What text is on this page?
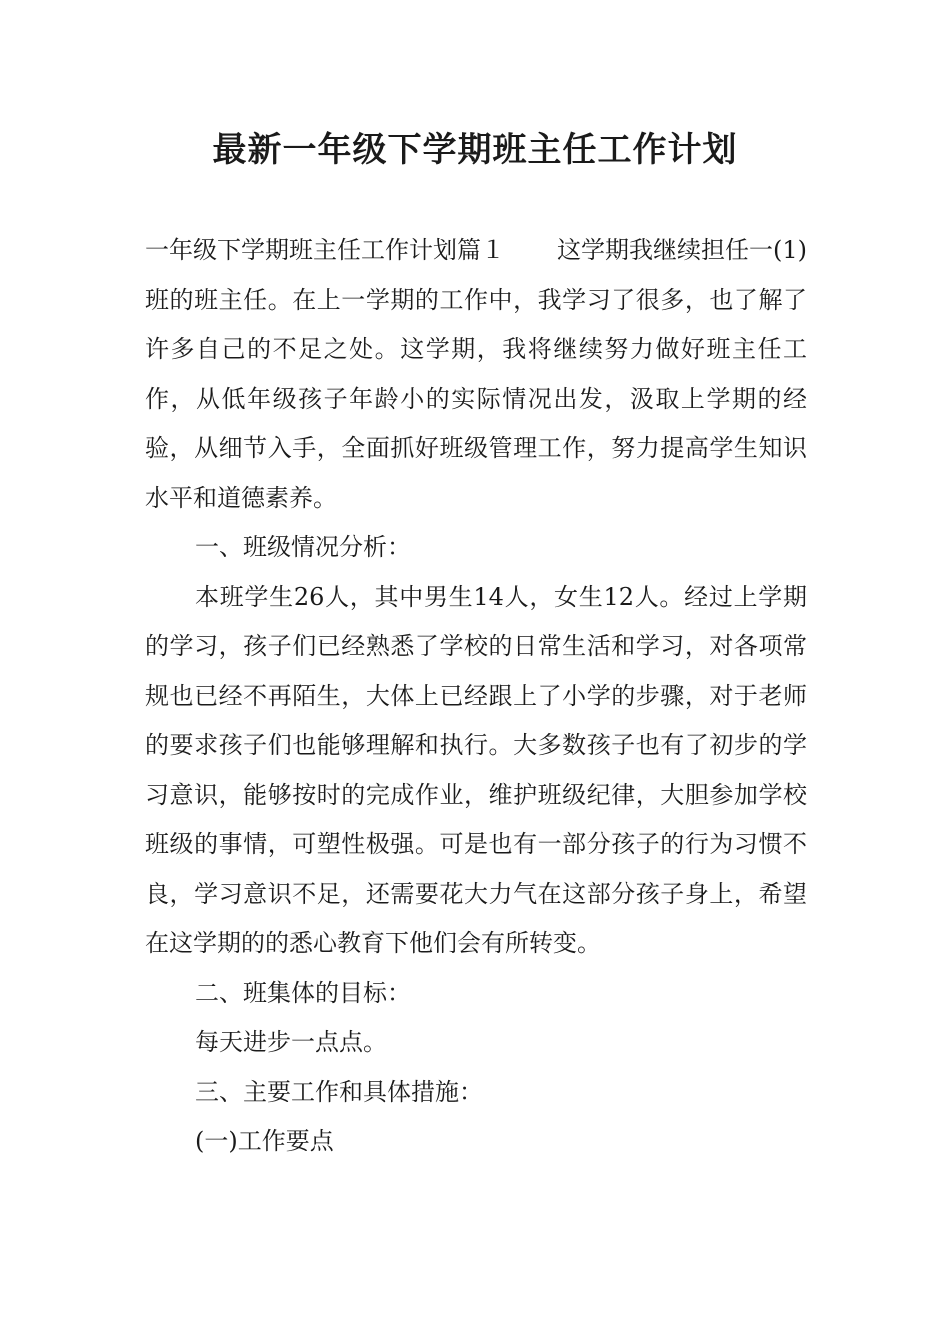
最新一年级下学期班主任工作计划

一年级下学期班主任工作计划篇１ 这学期我继续担任一(1)班的班主任。在上一学期的工作中，我学习了很多，也了解了许多自己的不足之处。这学期，我将继续努力做好班主任工作，从低年级孩子年龄小的实际情况出发，汲取上学期的经验，从细节入手，全面抓好班级管理工作，努力提高学生知识水平和道德素养。

一、班级情况分析：

本班学生26人，其中男生14人，女生12人。经过上学期的学习，孩子们已经熟悉了学校的日常生活和学习，对各项常规也已经不再陌生，大体上已经跟上了小学的步骤，对于老师的要求孩子们也能够理解和执行。大多数孩子也有了初步的学习意识，能够按时的完成作业，维护班级纪律，大胆参加学校班级的事情，可塑性极强。可是也有一部分孩子的行为习惯不良，学习意识不足，还需要花大力气在这部分孩子身上，希望在这学期的的悉心教育下他们会有所转变。

二、班集体的目标：

每天进步一点点。

三、主要工作和具体措施：

(一)工作要点
